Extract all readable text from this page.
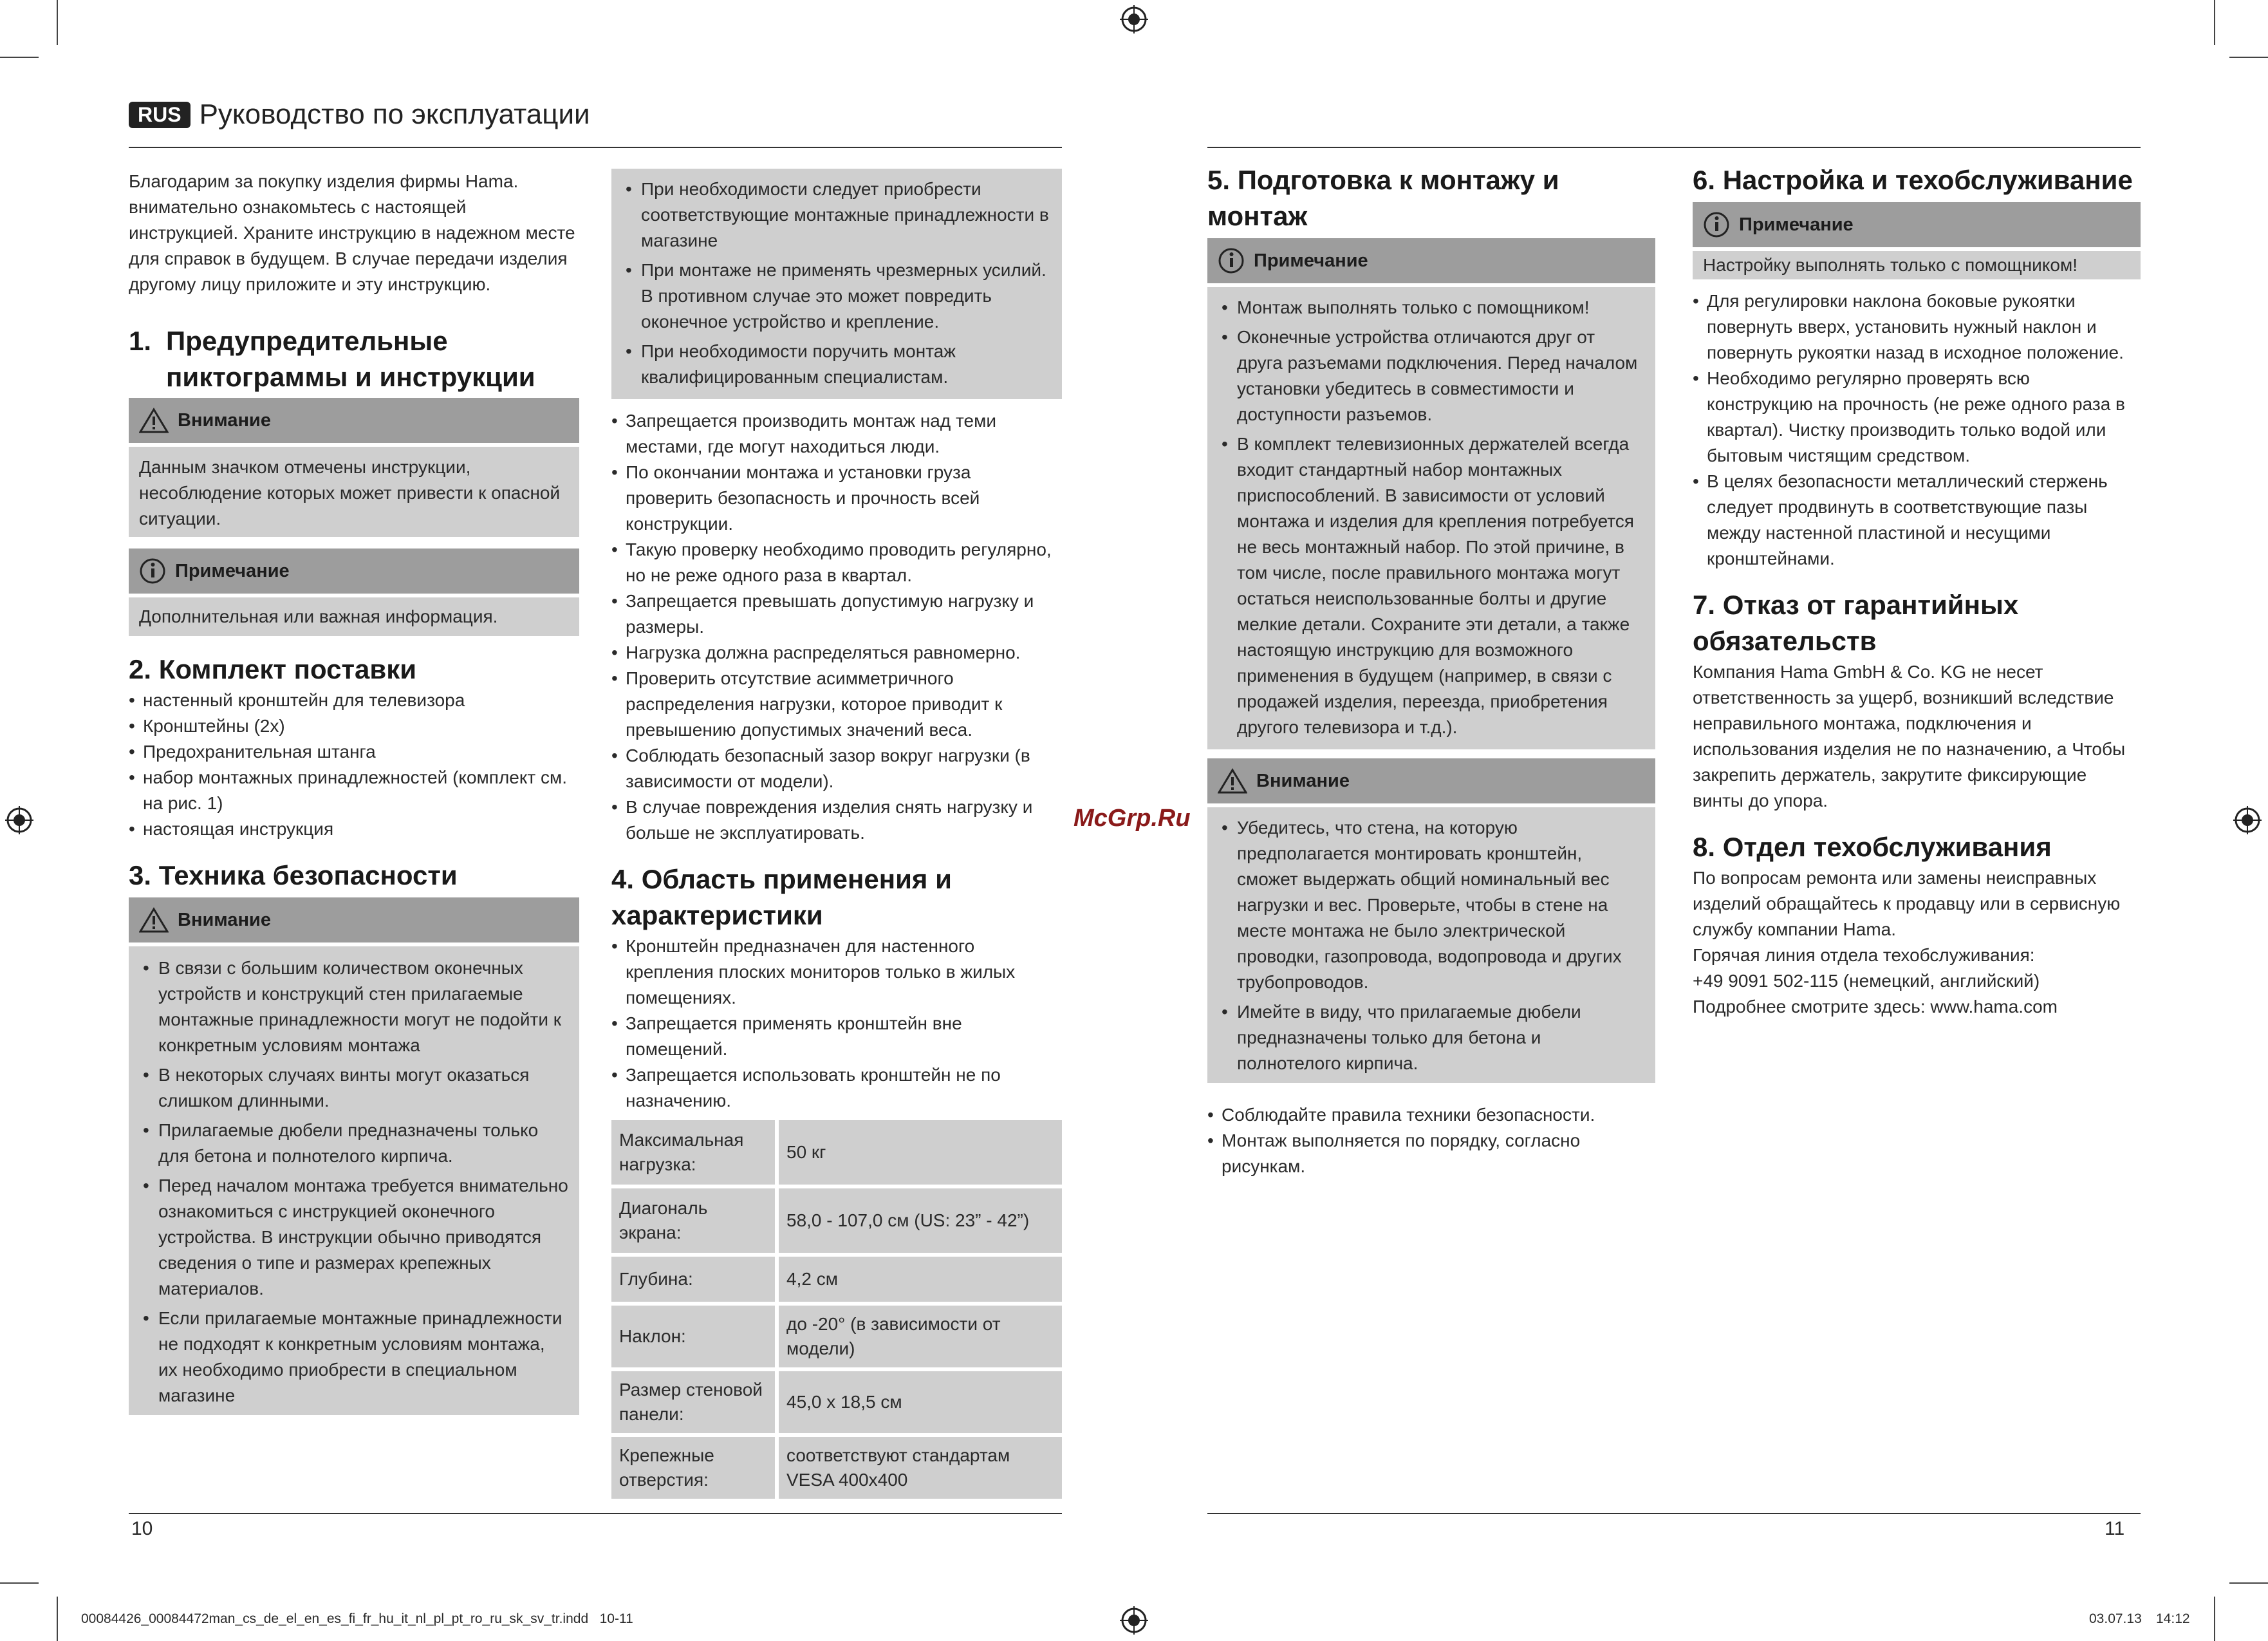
RUS Руководство по эксплуатации

Благодарим за покупку изделия фирмы Hama. внимательно ознакомьтесь с настоящей инструкцией. Храните инструкцию в надежном месте для справок в будущем. В случае передачи изделия другому лицу приложите и эту инструкцию.

1. Предупредительные
пиктограммы и инструкции
Внимание
Данным значком отмечены инструкции, несоблюдение которых может привести к опасной ситуации.
Примечание
Дополнительная или важная информация.
2. Комплект поставки
• настенный кронштейн для телевизора
• Кронштейны (2x)
• Предохранительная штанга
• набор монтажных принадлежностей (комплект см. на рис. 1)
• настоящая инструкция
3. Техника безопасности
Внимание
• В связи с большим количеством оконечных устройств и конструкций стен прилагаемые монтажные принадлежности могут не подойти к конкретным условиям монтажа
• В некоторых случаях винты могут оказаться слишком длинными.
• Прилагаемые дюбели предназначены только для бетона и полнотелого кирпича.
• Перед началом монтажа требуется внимательно ознакомиться с инструкцией оконечного устройства. В инструкции обычно приводятся сведения о типе и размерах крепежных материалов.
• Если прилагаемые монтажные принадлежности не подходят к конкретным условиям монтажа, их необходимо приобрести в специальном магазине
• При необходимости следует приобрести соответствующие монтажные принадлежности в магазине
• При монтаже не применять чрезмерных усилий. В противном случае это может повредить оконечное устройство и крепление.
• При необходимости поручить монтаж квалифицированным специалистам.
• Запрещается производить монтаж над теми местами, где могут находиться люди.
• По окончании монтажа и установки груза проверить безопасность и прочность всей конструкции.
• Такую проверку необходимо проводить регулярно, но не реже одного раза в квартал.
• Запрещается превышать допустимую нагрузку и размеры.
• Нагрузка должна распределяться равномерно.
• Проверить отсутствие асимметричного распределения нагрузки, которое приводит к превышению допустимых значений веса.
• Соблюдать безопасный зазор вокруг нагрузки (в зависимости от модели).
• В случае повреждения изделия снять нагрузку и больше не эксплуатировать.
4. Область применения и
характеристики
• Кронштейн предназначен для настенного крепления плоских мониторов только в жилых помещениях.
• Запрещается применять кронштейн вне помещений.
• Запрещается использовать кронштейн не по назначению.
Максимальная нагрузка:	50 кг
Диагональ экрана:	58,0 - 107,0 см (US: 23” - 42”)
Глубина:	4,2 см
Наклон:	до -20° (в зависимости от модели)
Размер стеновой панели:	45,0 x 18,5 см
Крепежные отверстия:	соответствуют стандартам VESA 400x400
McGrp.Ru
5. Подготовка к монтажу и
монтаж
Примечание
• Монтаж выполнять только с помощником!
• Оконечные устройства отличаются друг от друга разъемами подключения. Перед началом установки убедитесь в совместимости и доступности разъемов.
• В комплект телевизионных держателей всегда входит стандартный набор монтажных приспособлений. В зависимости от условий монтажа и изделия для крепления потребуется не весь монтажный набор. По этой причине, в том числе, после правильного монтажа могут остаться неиспользованные болты и другие мелкие детали. Сохраните эти детали, а также настоящую инструкцию для возможного применения в будущем (например, в связи с продажей изделия, переезда, приобретения другого телевизора и т.д.).
Внимание
• Убедитесь, что стена, на которую предполагается монтировать кронштейн, сможет выдержать общий номинальный вес нагрузки и вес. Проверьте, чтобы в стене на месте монтажа не было электрической проводки, газопровода, водопровода и других трубопроводов.
• Имейте в виду, что прилагаемые дюбели предназначены только для бетона и полнотелого кирпича.
• Соблюдайте правила техники безопасности.
• Монтаж выполняется по порядку, согласно рисункам.
6. Настройка и техобслуживание
Примечание
Настройку выполнять только с помощником!
• Для регулировки наклона боковые рукоятки повернуть вверх, установить нужный наклон и повернуть рукоятки назад в исходное положение.
• Необходимо регулярно проверять всю конструкцию на прочность (не реже одного раза в квартал). Чистку производить только водой или бытовым чистящим средством.
• В целях безопасности металлический стержень следует продвинуть в соответствующие пазы между настенной пластиной и несущими кронштейнами.
7. Отказ от гарантийных
обязательств

Компания Hama GmbH & Co. KG не несет ответственность за ущерб, возникший вследствие неправильного монтажа, подключения и использования изделия не по назначению, а Чтобы закрепить держатель, закрутите фиксирующие винты до упора.

8. Отдел техобслуживания

По вопросам ремонта или замены неисправных изделий обращайтесь к продавцу или в сервисную службу компании Hama.

Горячая линия отдела техобслуживания:

+49 9091 502-115 (немецкий, английский)

Подробнее смотрите здесь: www.hama.com

10	11
00084426_00084472man_cs_de_el_en_es_fi_fr_hu_it_nl_pl_pt_ro_ru_sk_sv_tr.indd   10-11	03.07.13 14:12
